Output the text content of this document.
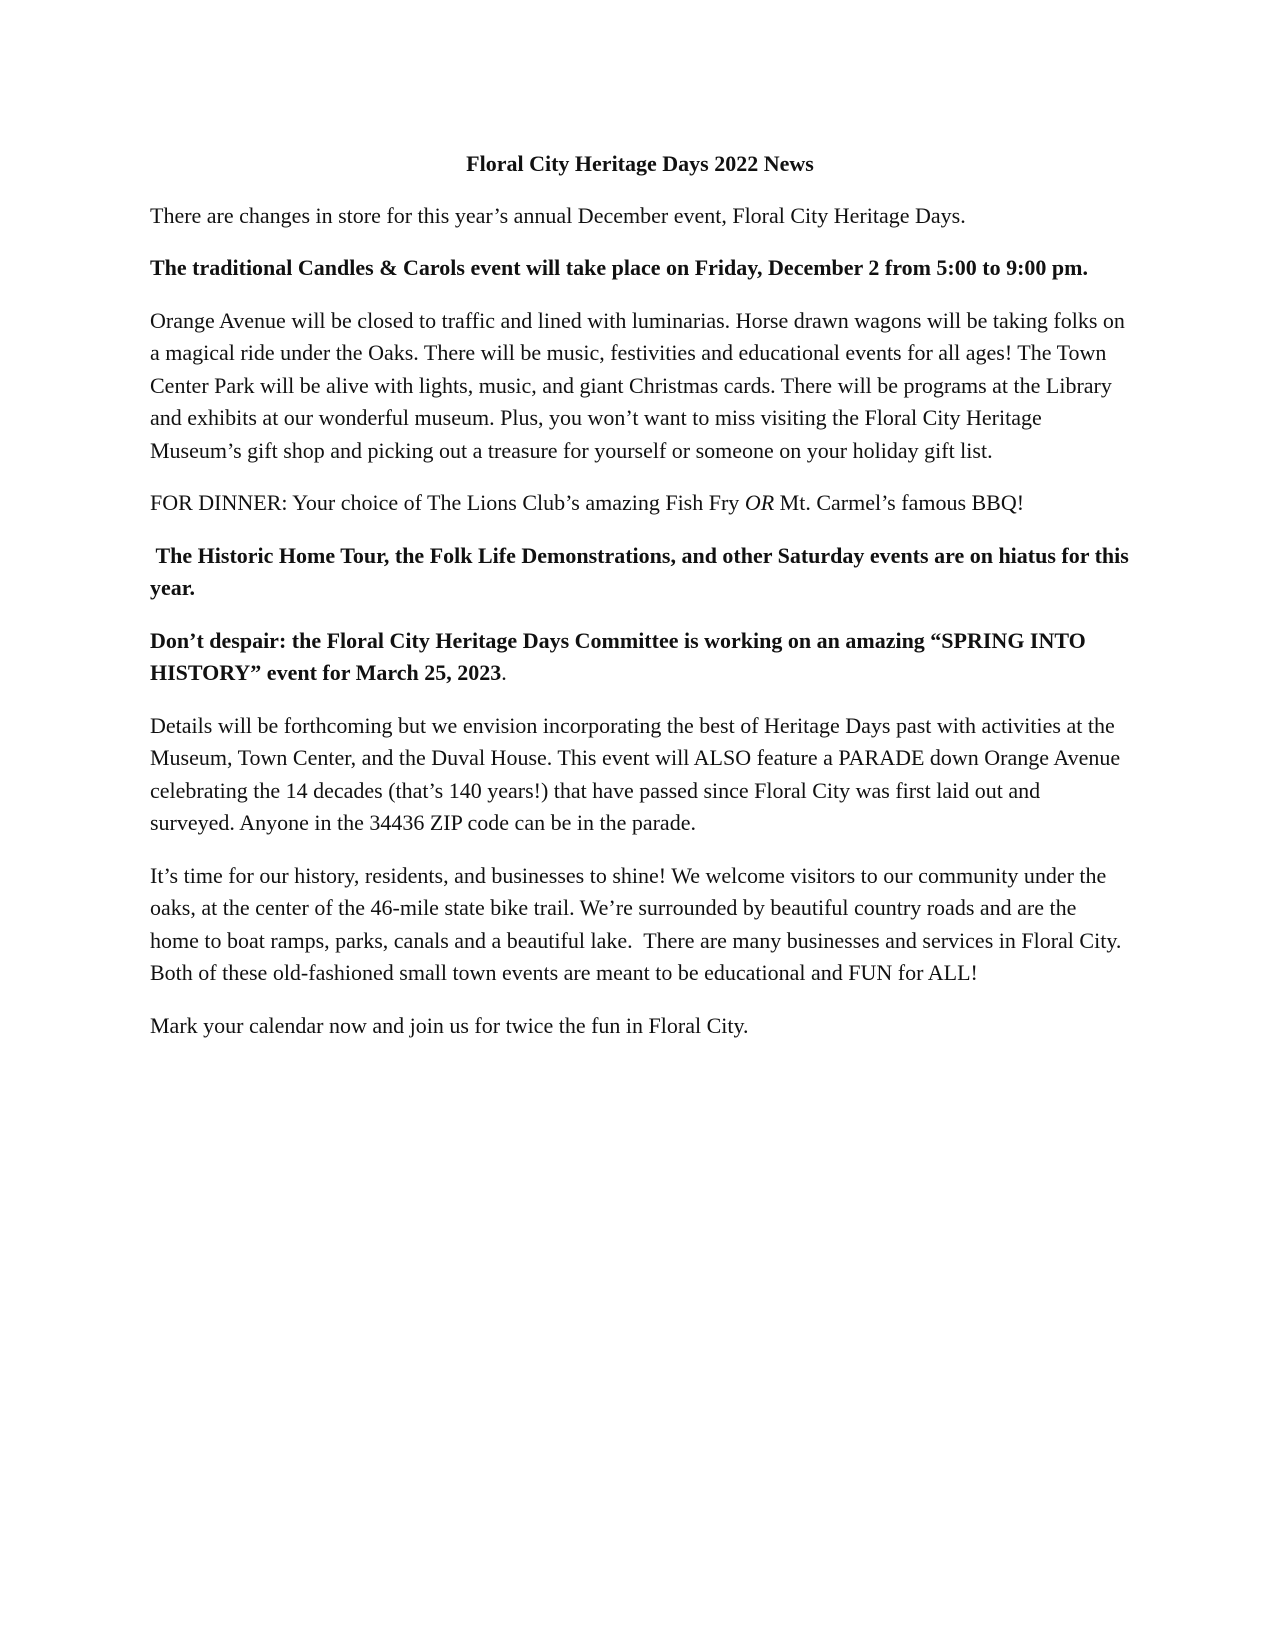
Floral City Heritage Days 2022 News

There are changes in store for this year’s annual December event, Floral City Heritage Days.

The traditional Candles & Carols event will take place on Friday, December 2 from 5:00 to 9:00 pm.

Orange Avenue will be closed to traffic and lined with luminarias. Horse drawn wagons will be taking folks on a magical ride under the Oaks. There will be music, festivities and educational events for all ages! The Town Center Park will be alive with lights, music, and giant Christmas cards. There will be programs at the Library and exhibits at our wonderful museum. Plus, you won’t want to miss visiting the Floral City Heritage Museum’s gift shop and picking out a treasure for yourself or someone on your holiday gift list.

FOR DINNER: Your choice of The Lions Club’s amazing Fish Fry OR Mt. Carmel’s famous BBQ!

The Historic Home Tour, the Folk Life Demonstrations, and other Saturday events are on hiatus for this year.

Don’t despair: the Floral City Heritage Days Committee is working on an amazing “SPRING INTO HISTORY” event for March 25, 2023.

Details will be forthcoming but we envision incorporating the best of Heritage Days past with activities at the Museum, Town Center, and the Duval House. This event will ALSO feature a PARADE down Orange Avenue celebrating the 14 decades (that’s 140 years!) that have passed since Floral City was first laid out and surveyed. Anyone in the 34436 ZIP code can be in the parade.

It’s time for our history, residents, and businesses to shine! We welcome visitors to our community under the oaks, at the center of the 46-mile state bike trail. We’re surrounded by beautiful country roads and are the home to boat ramps, parks, canals and a beautiful lake.  There are many businesses and services in Floral City. Both of these old-fashioned small town events are meant to be educational and FUN for ALL!

Mark your calendar now and join us for twice the fun in Floral City.
